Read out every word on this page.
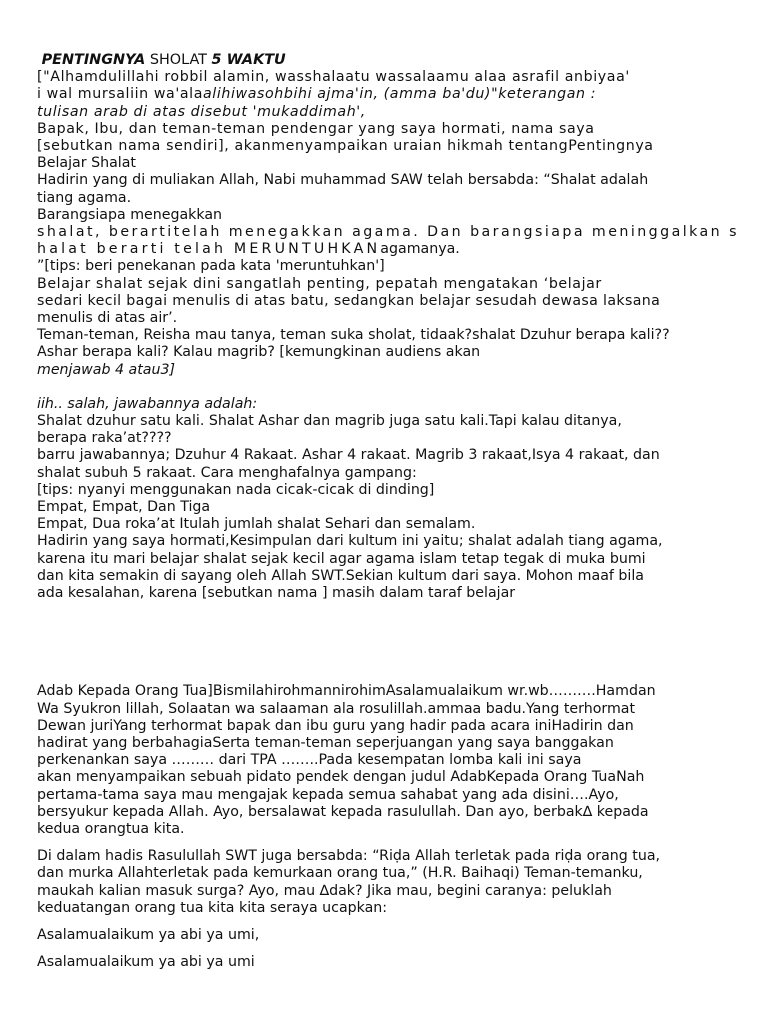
PENTINGNYA SHOLAT 5 WAKTU
["Alhamdulillahi robbil alamin, wasshalaatu wassalaamu alaa asrafil anbiyaa'
i wal mursaliin wa'alaalihiwasohbihi ajma'in, (amma ba'du)"keterangan :
tulisan arab di atas disebut 'mukaddimah',
Bapak, Ibu, dan teman-teman pendengar yang saya hormati, nama saya
[sebutkan nama sendiri], akanmenyampaikan uraian hikmah tentangPentingnya
Belajar Shalat
Hadirin yang di muliakan Allah, Nabi muhammad SAW telah bersabda: “Shalat adalah
tiang agama.
Barangsiapa menegakkan
shalat, berartitelah menegakkan agama. Dan barangsiapa meninggalkan s
halat berarti telah MERUNTUHKANagamanya.
”[tips: beri penekanan pada kata 'meruntuhkan']
Belajar shalat sejak dini sangatlah penting, pepatah mengatakan ‘belajar
sedari kecil bagai menulis di atas batu, sedangkan belajar sesudah dewasa laksana
menulis di atas air’.
Teman-teman, Reisha mau tanya, teman suka sholat, tidaak?shalat Dzuhur berapa kali??
Ashar berapa kali? Kalau magrib? [kemungkinan audiens akan
menjawab 4 atau3]
iih.. salah, jawabannya adalah:
Shalat dzuhur satu kali. Shalat Ashar dan magrib juga satu kali.Tapi kalau ditanya,
berapa raka’at????
barru jawabannya; Dzuhur 4 Rakaat. Ashar 4 rakaat. Magrib 3 rakaat,Isya 4 rakaat, dan
shalat subuh 5 rakaat. Cara menghafalnya gampang:
[tips: nyanyi menggunakan nada cicak-cicak di dinding]
Empat, Empat, Dan Tiga
Empat, Dua roka’at Itulah jumlah shalat Sehari dan semalam.
Hadirin yang saya hormati,Kesimpulan dari kultum ini yaitu; shalat adalah tiang agama,
karena itu mari belajar shalat sejak kecil agar agama islam tetap tegak di muka bumi
dan kita semakin di sayang oleh Allah SWT.Sekian kultum dari saya. Mohon maaf bila
ada kesalahan, karena [sebutkan nama ] masih dalam taraf belajar
Adab Kepada Orang Tua]BismilahirohmannirohimAsalamualaikum wr.wb……….Hamdan
Wa Syukron lillah, Solaatan wa salaaman ala rosulillah.ammaa badu.Yang terhormat
Dewan juriYang terhormat bapak dan ibu guru yang hadir pada acara iniHadirin dan
hadirat yang berbahagiaSerta teman-teman seperjuangan yang saya banggakan
perkenankan saya ……… dari TPA ……..Pada kesempatan lomba kali ini saya
akan menyampaikan sebuah pidato pendek dengan judul AdabKepada Orang TuaNah
pertama-tama saya mau mengajak kepada semua sahabat yang ada disini….Ayo,
bersyukur kepada Allah. Ayo, bersalawat kepada rasulullah. Dan ayo, berbak∆ kepada
kedua orangtua kita.
Di dalam hadis Rasulullah SWT juga bersabda: “Riḍa Allah terletak pada riḍa orang tua,
dan murka Allahterletak pada kemurkaan orang tua,” (H.R. Baihaqi) Teman-temanku,
maukah kalian masuk surga? Ayo, mau ∆dak? Jika mau, begini caranya: peluklah
keduatangan orang tua kita kita seraya ucapkan:
Asalamualaikum ya abi ya umi,
Asalamualaikum ya abi ya umi
